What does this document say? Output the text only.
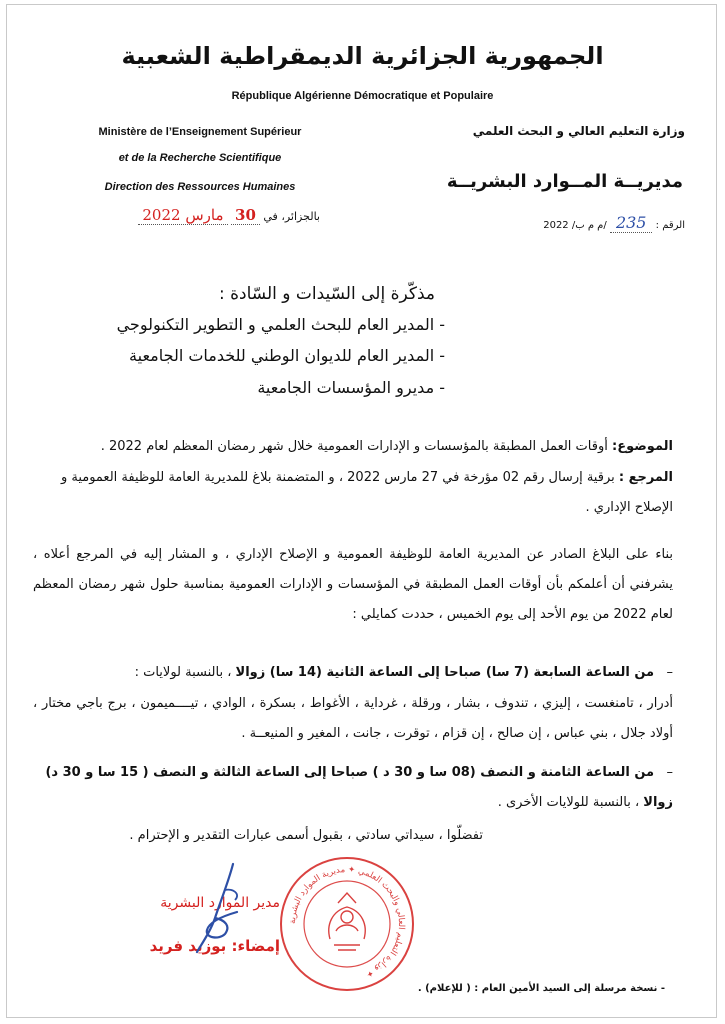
الجمهورية الجزائرية الديمقراطية الشعبية
République Algérienne Démocratique et Populaire
Ministère de l’Enseignement Supérieur
et de la Recherche Scientifique
Direction des Ressources Humaines
وزارة التعليم العالي و البحث العلمي
مديريــة المــوارد البشريــة
بالجزائر، في 30 مارس 2022
الرقم : 235 /م م ب/ 2022
مذكّرة إلى السّيدات و السّادة :
- المدير العام للبحث العلمي و التطوير التكنولوجي
- المدير العام للديوان الوطني للخدمات الجامعية
- مديرو المؤسسات الجامعية
الموضوع: أوقات العمل المطبقة بالمؤسسات و الإدارات العمومية خلال شهر رمضان المعظم لعام 2022 .
المرجع : برقية إرسال رقم 02 مؤرخة في 27 مارس 2022 ، و المتضمنة بلاغ للمديرية العامة للوظيفة العمومية و الإصلاح الإداري .
بناء على البلاغ الصادر عن المديرية العامة للوظيفة العمومية و الإصلاح الإداري ، و المشار إليه في المرجع أعلاه ، يشرفني أن أعلمكم بأن أوقات العمل المطبقة في المؤسسات و الإدارات العمومية بمناسبة حلول شهر رمضان المعظم لعام 2022 من يوم الأحد إلى يوم الخميس ، حددت كمايلي :
–   من الساعة السابعة (7 سا) صباحا إلى الساعة الثانية (14 سا) زوالا ، بالنسبة لولايات :
أدرار ، تامنغست ، إليزي ، تندوف ، بشار ، ورقلة ، غرداية ، الأغواط ، بسكرة ، الوادي ، تيــــميمون ، برج باجي مختار ، أولاد جلال ، بني عباس ، إن صالح ، إن قزام ، توقرت ، جانت ، المغير و المنيعــة .
–   من الساعة الثامنة و النصف (08 سا و 30 د ) صباحا إلى الساعة الثالثة و النصف ( 15 سا و 30 د) زوالا ، بالنسبة للولايات الأخرى .
تفضلّوا ، سيداتي سادتي ، بقبول أسمى عبارات التقدير و الإحترام .
مدير الموارد البشرية
إمضاء: بوزيد فريد
وزارة التعليم العالي والبحث العلمي ✦ مديرية الموارد البشرية ✦
- نسخة مرسلة إلى السيد الأمين العام : ( للإعلام) .
